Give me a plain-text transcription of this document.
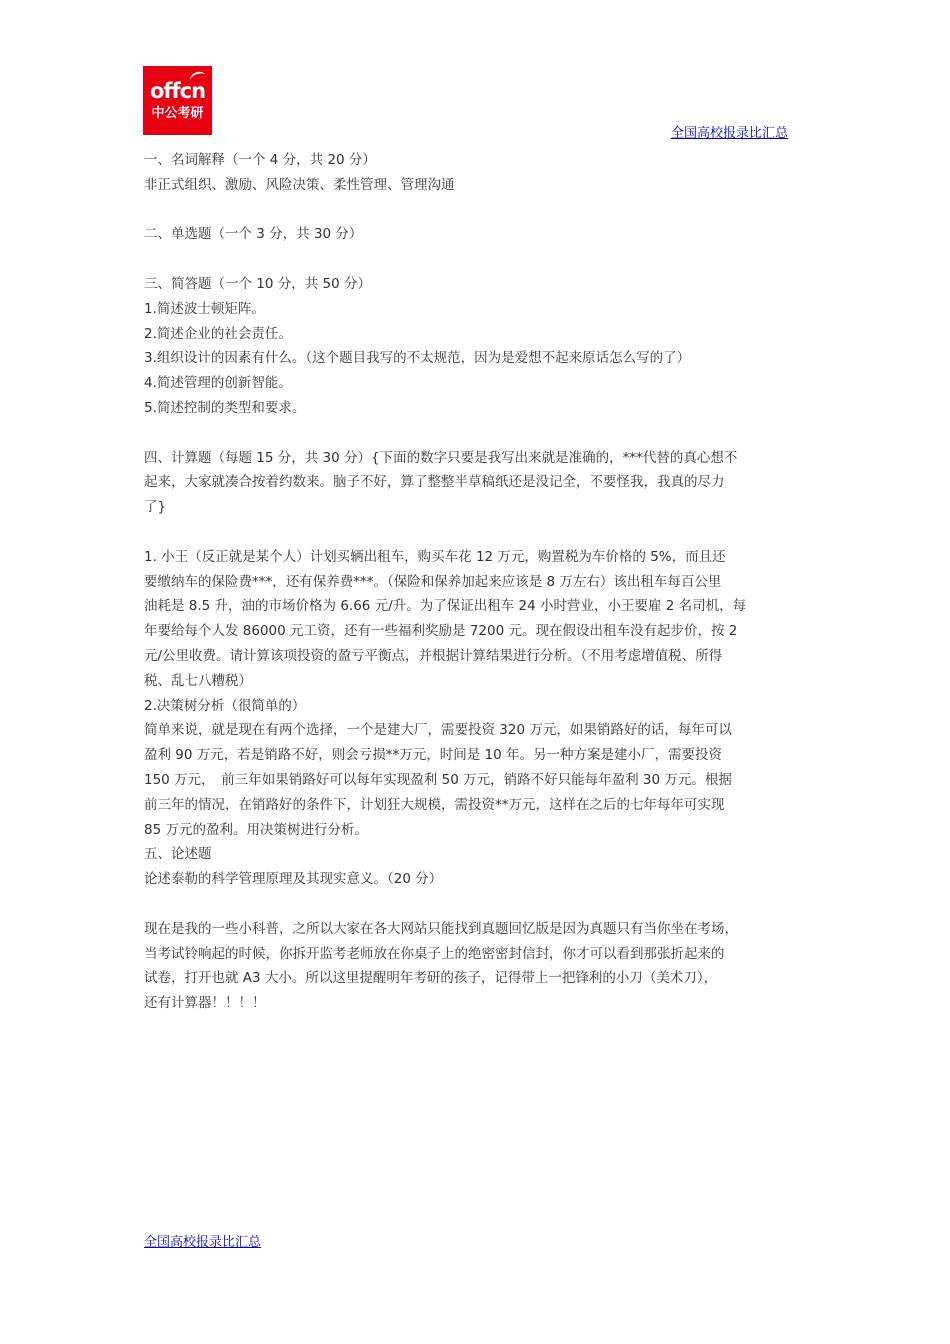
offcn
中公考研
全国高校报录比汇总

一、名词解释（一个 4 分，共 20 分）

非正式组织、激励、风险决策、柔性管理、管理沟通

二、单选题（一个 3 分，共 30 分）

三、简答题（一个 10 分，共 50 分）

1.简述波士顿矩阵。

2.简述企业的社会责任。

3.组织设计的因素有什么。（这个题目我写的不太规范，因为是爱想不起来原话怎么写的了）

4.简述管理的创新智能。

5.简述控制的类型和要求。

四、计算题（每题 15 分，共 30 分）{下面的数字只要是我写出来就是准确的，***代替的真心想不

起来，大家就凑合按着约数来。脑子不好，算了整整半草稿纸还是没记全，不要怪我，我真的尽力

了}

1. 小王（反正就是某个人）计划买辆出租车，购买车花 12 万元，购置税为车价格的 5%，而且还

要缴纳车的保险费***，还有保养费***。（保险和保养加起来应该是 8 万左右）该出租车每百公里

油耗是 8.5 升，油的市场价格为 6.66 元/升。为了保证出租车 24 小时营业，小王要雇 2 名司机，每

年要给每个人发 86000 元工资，还有一些福利奖励是 7200 元。现在假设出租车没有起步价，按 2

元/公里收费。请计算该项投资的盈亏平衡点，并根据计算结果进行分析。（不用考虑增值税、所得

税、乱七八糟税）

2.决策树分析（很简单的）

简单来说，就是现在有两个选择，一个是建大厂，需要投资 320 万元，如果销路好的话，每年可以

盈利 90 万元，若是销路不好，则会亏损**万元，时间是 10 年。另一种方案是建小厂，需要投资

150 万元，　前三年如果销路好可以每年实现盈利 50 万元，销路不好只能每年盈利 30 万元。根据

前三年的情况，在销路好的条件下，计划狂大规模，需投资**万元，这样在之后的七年每年可实现

85 万元的盈利。用决策树进行分析。

五、论述题

论述泰勒的科学管理原理及其现实意义。（20 分）

现在是我的一些小科普，之所以大家在各大网站只能找到真题回忆版是因为真题只有当你坐在考场，

当考试铃响起的时候，你拆开监考老师放在你桌子上的绝密密封信封，你才可以看到那张折起来的

试卷，打开也就 A3 大小。所以这里提醒明年考研的孩子，记得带上一把锋利的小刀（美术刀），

还有计算器！！！！

全国高校报录比汇总
